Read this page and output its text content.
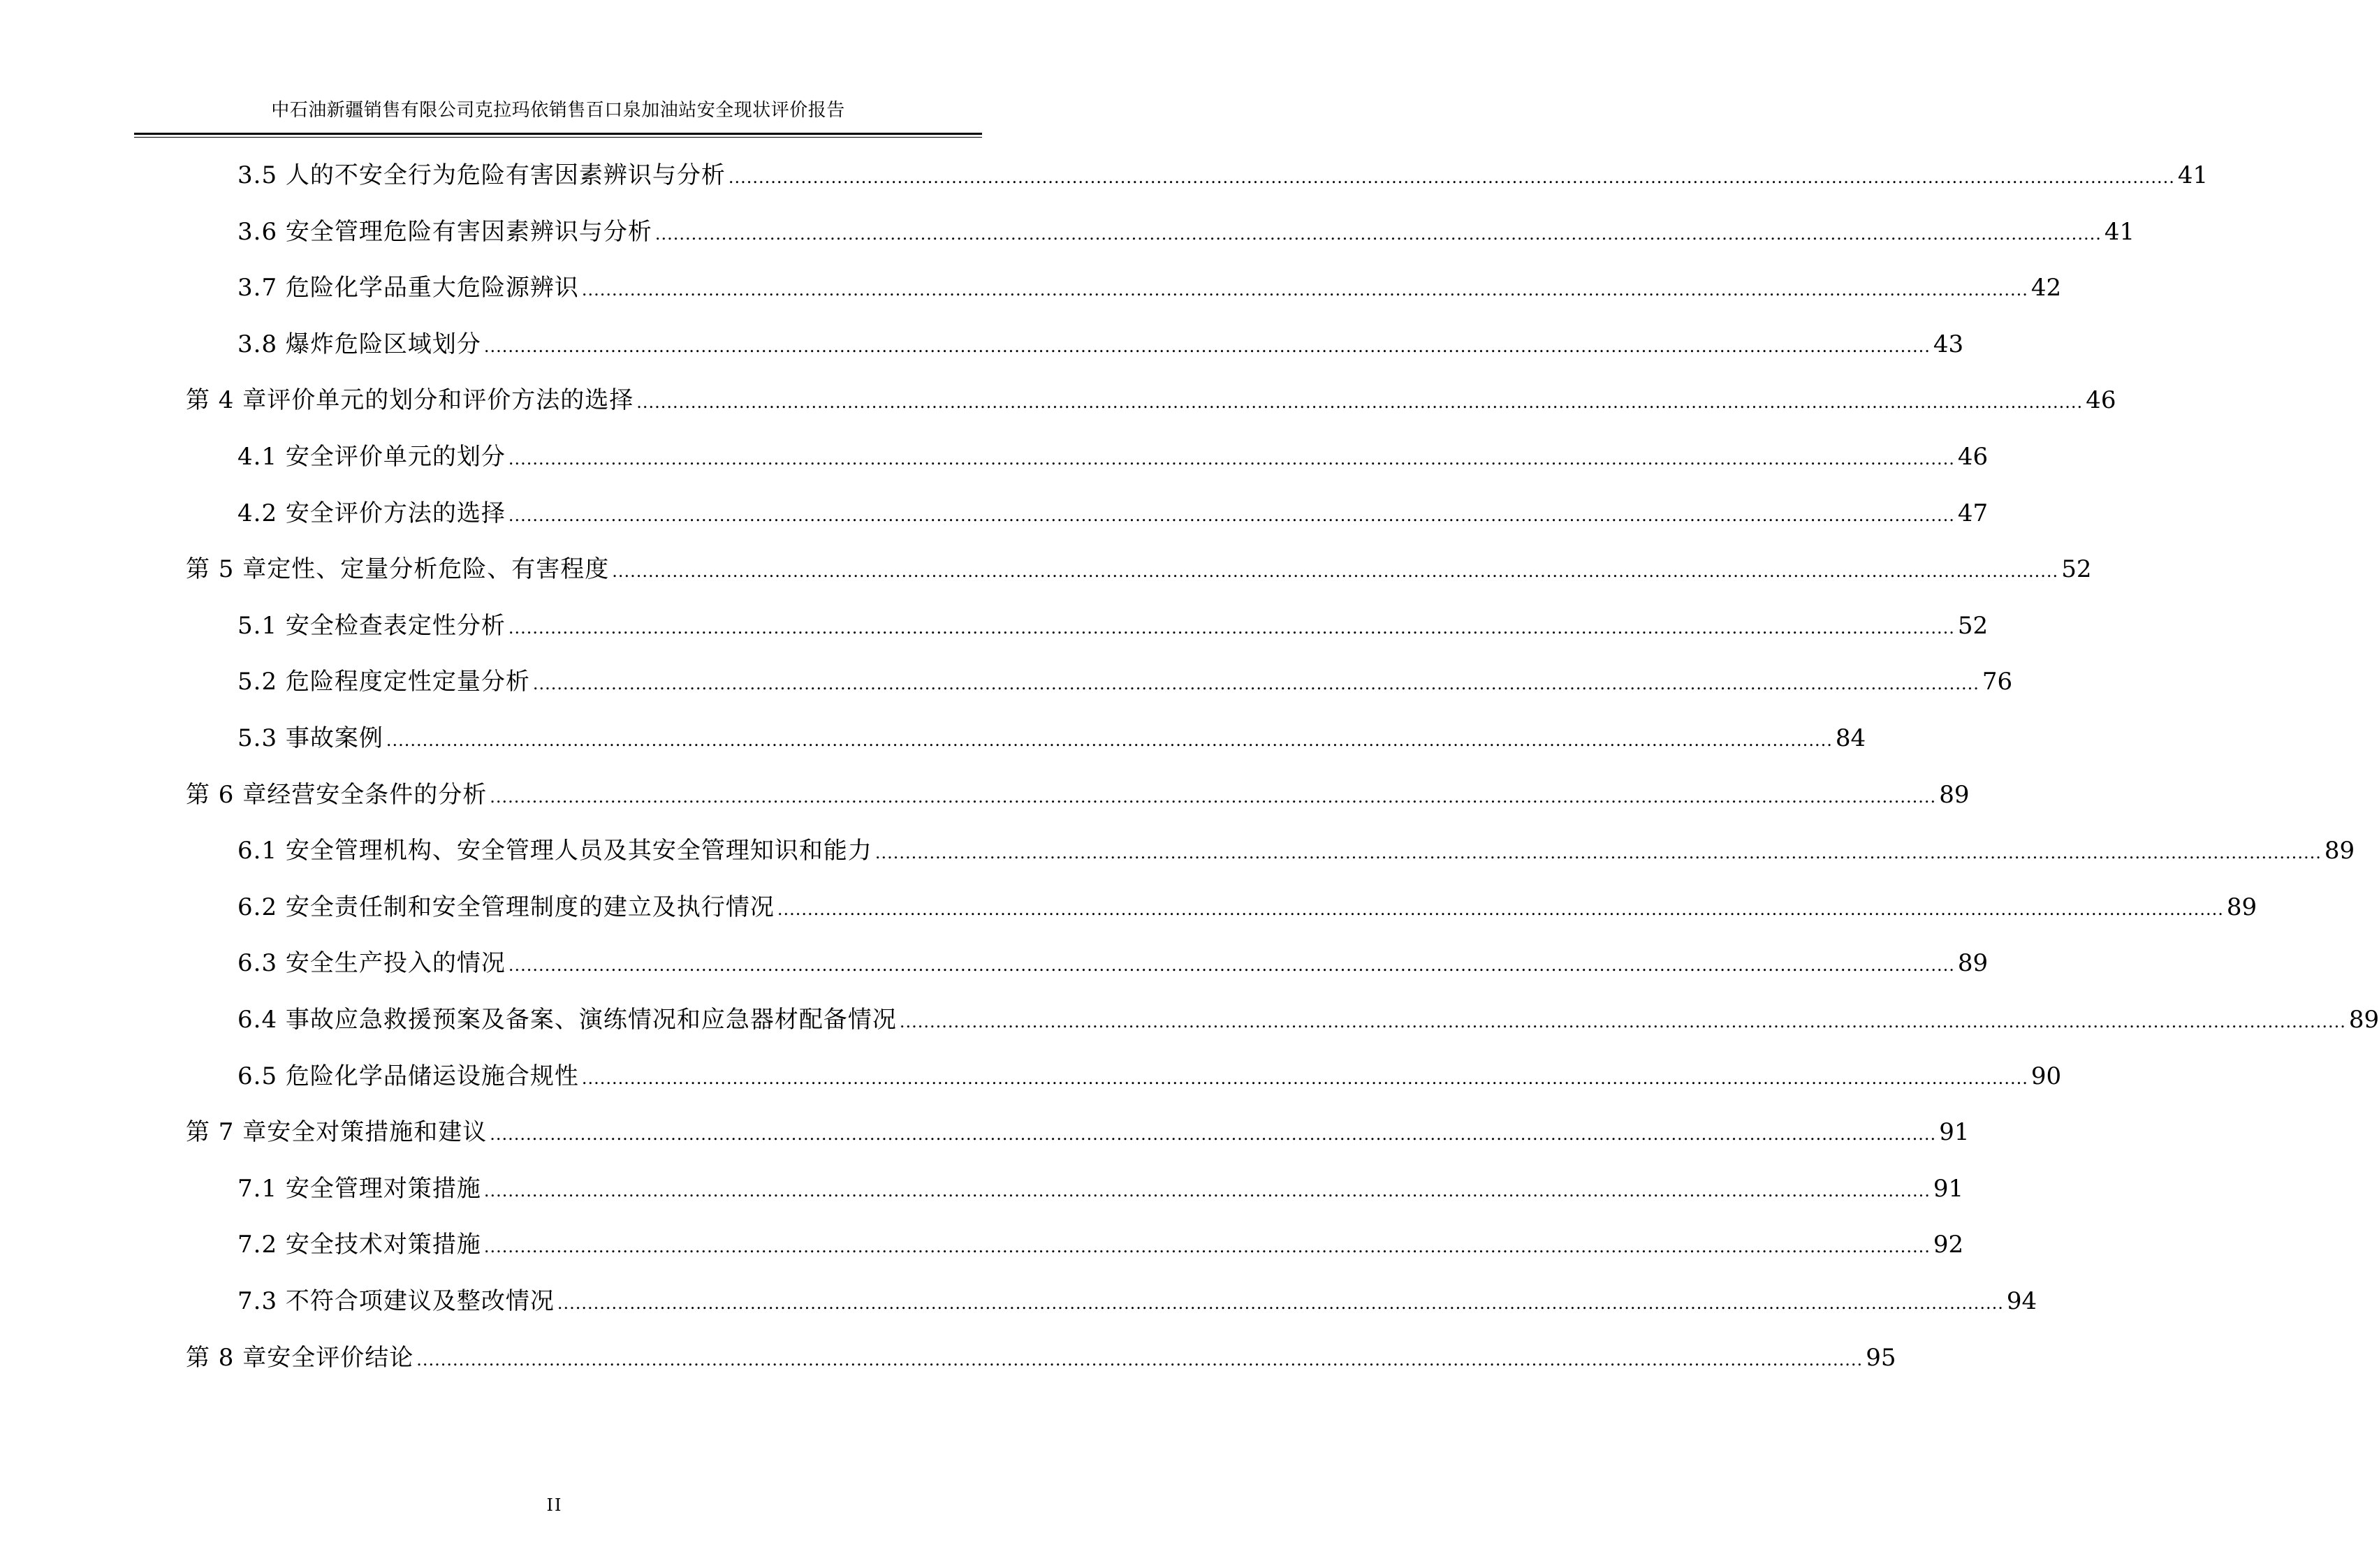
中石油新疆销售有限公司克拉玛依销售百口泉加油站安全现状评价报告
3.5 人的不安全行为危险有害因素辨识与分析 ................................................................................................................................................................................................................................................ 41
3.6 安全管理危险有害因素辨识与分析 ................................................................................................................................................................................................................................................ 41
3.7 危险化学品重大危险源辨识 ................................................................................................................................................................................................................................................ 42
3.8 爆炸危险区域划分 ................................................................................................................................................................................................................................................ 43
第 4 章评价单元的划分和评价方法的选择 ................................................................................................................................................................................................................................................ 46
4.1 安全评价单元的划分 ................................................................................................................................................................................................................................................ 46
4.2 安全评价方法的选择 ................................................................................................................................................................................................................................................ 47
第 5 章定性、定量分析危险、有害程度 ................................................................................................................................................................................................................................................ 52
5.1 安全检查表定性分析 ................................................................................................................................................................................................................................................ 52
5.2 危险程度定性定量分析 ................................................................................................................................................................................................................................................ 76
5.3 事故案例 ................................................................................................................................................................................................................................................ 84
第 6 章经营安全条件的分析 ................................................................................................................................................................................................................................................ 89
6.1 安全管理机构、安全管理人员及其安全管理知识和能力 ................................................................................................................................................................................................................................................ 89
6.2 安全责任制和安全管理制度的建立及执行情况 ................................................................................................................................................................................................................................................ 89
6.3 安全生产投入的情况 ................................................................................................................................................................................................................................................ 89
6.4 事故应急救援预案及备案、演练情况和应急器材配备情况 ................................................................................................................................................................................................................................................ 89
6.5 危险化学品储运设施合规性 ................................................................................................................................................................................................................................................ 90
第 7 章安全对策措施和建议 ................................................................................................................................................................................................................................................ 91
7.1 安全管理对策措施 ................................................................................................................................................................................................................................................ 91
7.2 安全技术对策措施 ................................................................................................................................................................................................................................................ 92
7.3 不符合项建议及整改情况 ................................................................................................................................................................................................................................................ 94
第 8 章安全评价结论 ................................................................................................................................................................................................................................................ 95
II
